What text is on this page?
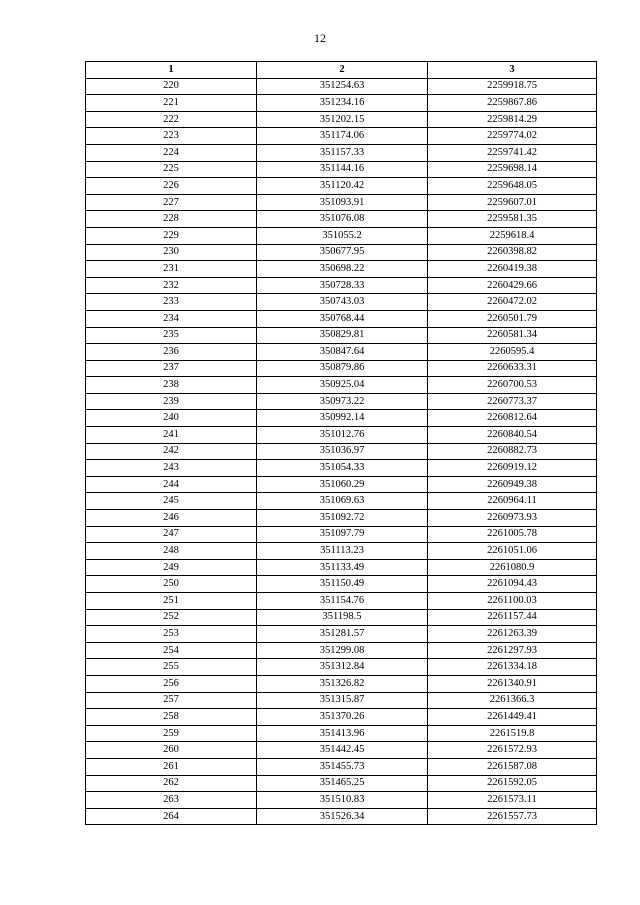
12
1	2	3
220	351254.63	2259918.75
221	351234.16	2259867.86
222	351202.15	2259814.29
223	351174.06	2259774.02
224	351157.33	2259741.42
225	351144.16	2259698.14
226	351120.42	2259648.05
227	351093.91	2259607.01
228	351076.08	2259581.35
229	351055.2	2259618.4
230	350677.95	2260398.82
231	350698.22	2260419.38
232	350728.33	2260429.66
233	350743.03	2260472.02
234	350768.44	2260501.79
235	350829.81	2260581.34
236	350847.64	2260595.4
237	350879.86	2260633.31
238	350925.04	2260700.53
239	350973.22	2260773.37
240	350992.14	2260812.64
241	351012.76	2260840.54
242	351036.97	2260882.73
243	351054.33	2260919.12
244	351060.29	2260949.38
245	351069.63	2260964.11
246	351092.72	2260973.93
247	351097.79	2261005.78
248	351113.23	2261051.06
249	351133.49	2261080.9
250	351150.49	2261094.43
251	351154.76	2261100.03
252	351198.5	2261157.44
253	351281.57	2261263.39
254	351299.08	2261297.93
255	351312.84	2261334.18
256	351326.82	2261340.91
257	351315.87	2261366.3
258	351370.26	2261449.41
259	351413.96	2261519.8
260	351442.45	2261572.93
261	351455.73	2261587.08
262	351465.25	2261592.05
263	351510.83	2261573.11
264	351526.34	2261557.73
